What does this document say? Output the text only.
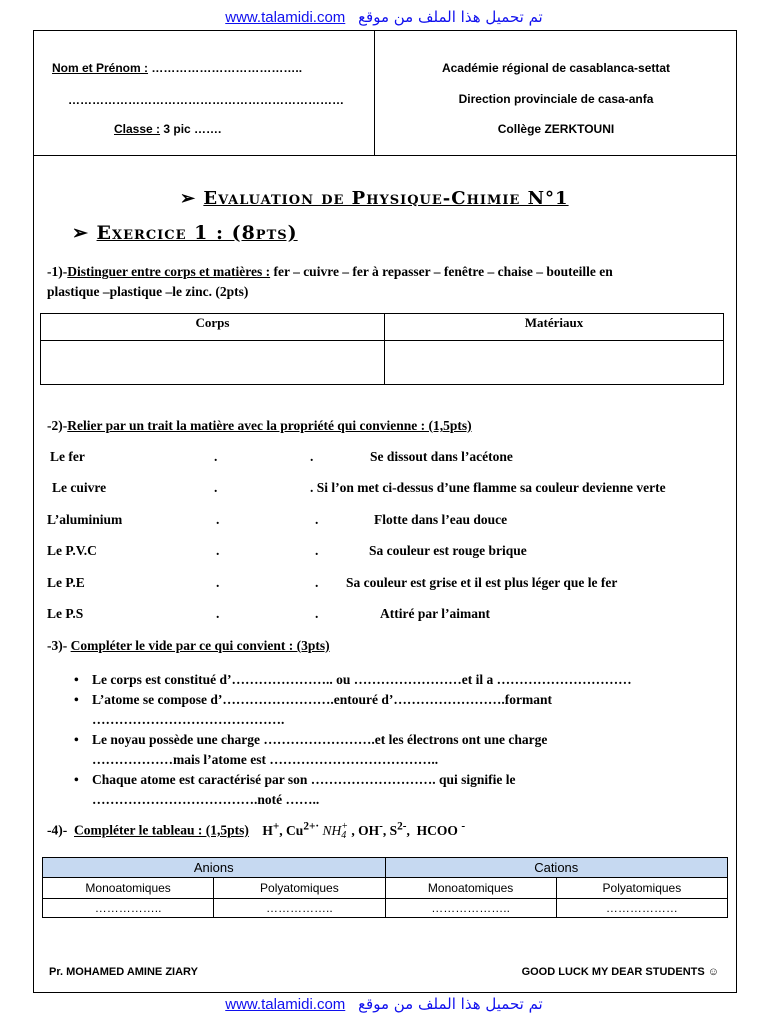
www.talamidi.com تم تحميل هذا الملف من موقع
Nom et Prénom : ………………………………..
……………………………………………………………
Classe : 3 pic …….
Académie régional de casablanca-settat
Direction provinciale de casa-anfa
Collège ZERKTOUNI
➢ Evaluation de Physique-Chimie N°1
➢ Exercice 1 : (8pts)
-1)-Distinguer entre corps et matières : fer – cuivre – fer à repasser – fenêtre – chaise – bouteille en
plastique –plastique –le zinc. (2pts)
Corps	Matériaux

-2)-Relier par un trait la matière avec la propriété qui convienne : (1,5pts)
Le fer	.	.	Se dissout dans l’acétone
Le cuivre	.	. Si l’on met ci-dessus d’une flamme sa couleur devienne verte
L’aluminium	.	.	Flotte dans l’eau douce
Le P.V.C	.	.	Sa couleur est rouge brique
Le P.E	.	. Sa couleur est grise et il est plus léger que le fer
Le P.S	.	.	Attiré par l’aimant
-3)- Compléter le vide par ce qui convient : (3pts)
• Le corps est constitué d’………………….. ou ……………………et il a …………………………
• L’atome se compose d’…………………….entouré d’…………………….formant
…………………………………….
• Le noyau possède une charge …………………….et les électrons ont une charge
………………mais l’atome est ………………………………..
• Chaque atome est caractérisé par son ………………………. qui signifie le
……………………………….noté ……..
-4)- Compléter le tableau : (1,5pts) H+, $Cu^{2+\cdot}$ NH +
4 , OH-, $S^{2-}$,  HCOO -
Anions		Cations	
Monoatomiques	Polyatomiques	Monoatomiques	Polyatomiques
……………..	……………..	………………..	………………
Pr. MOHAMED AMINE ZIARY	GOOD LUCK MY DEAR STUDENTS ☺
www.talamidi.com تم تحميل هذا الملف من موقع
